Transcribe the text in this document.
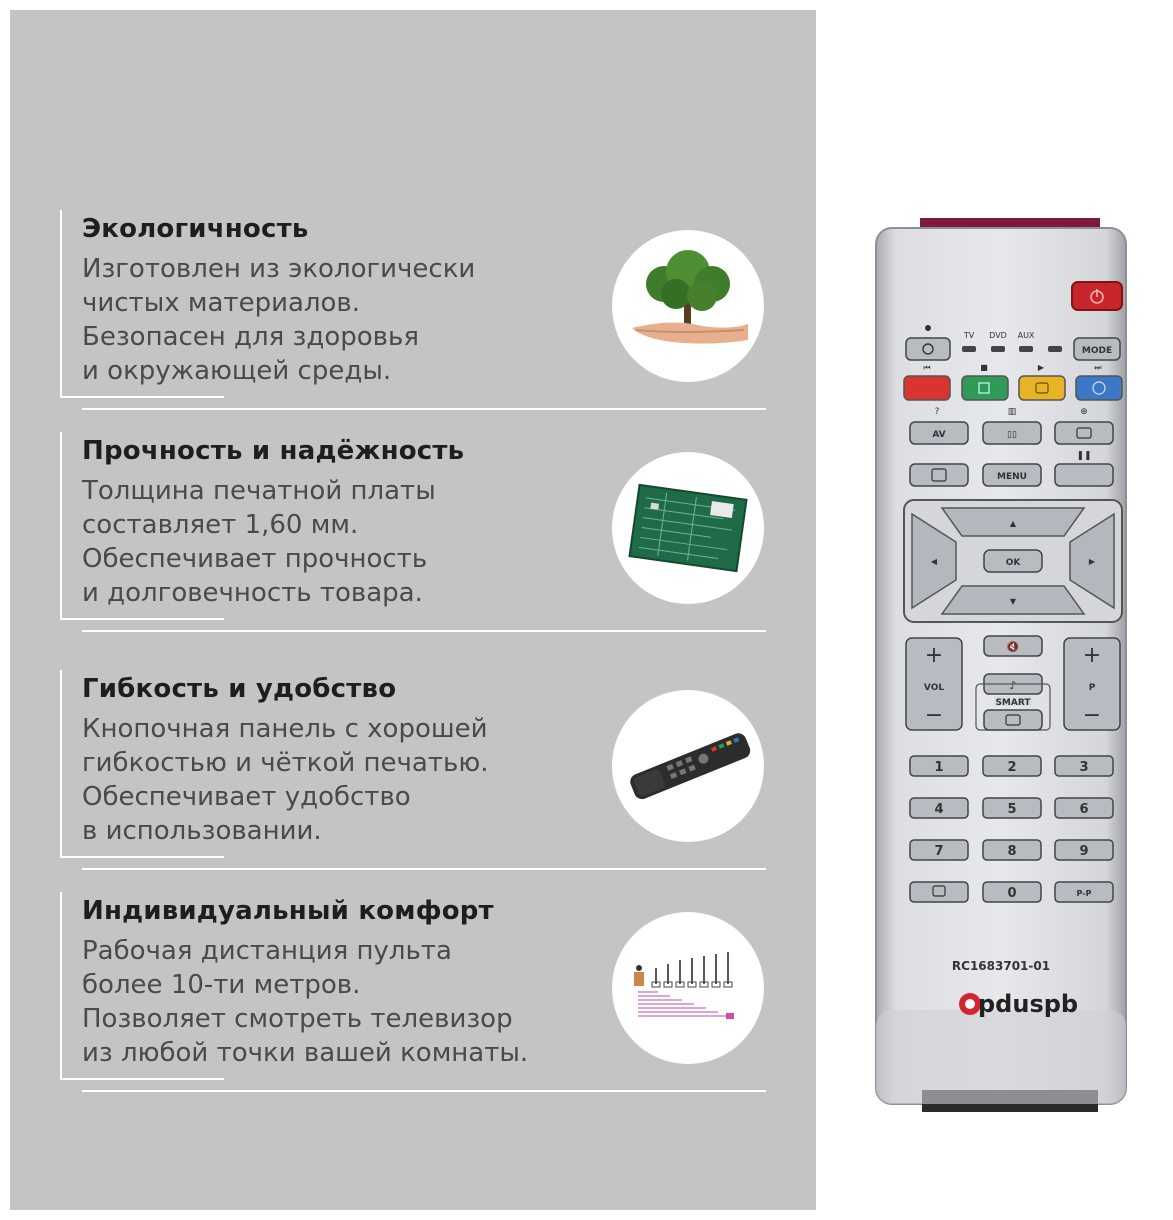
Экологичность

Изготовлен из экологически
чистых материалов.
Безопасен для здоровья
и окружающей среды.

Прочность и надёжность

Толщина печатной платы
составляет 1,60 мм.
Обеспечивает прочность
и долговечность товара.

Гибкость и удобство

Кнопочная панель с хорошей
гибкостью и чёткой печатью.
Обеспечивает удобство
в использовании.

Индивидуальный комфорт

Рабочая дистанция пульта
более 10-ти метров.
Позволяет смотреть телевизор
из любой точки вашей комнаты.

TV DVD AUX
MODE
⏮	■	▶	⏭
?	▥	⊕
AV	▯▯
❚❚
MENU
▲
▼
◀	▶
OK
+
VOL
−
+
P
−
🔇
♪
SMART
1	2	3
4	5	6
7	8	9
0	P-P
RC1683701-01
pduspb
